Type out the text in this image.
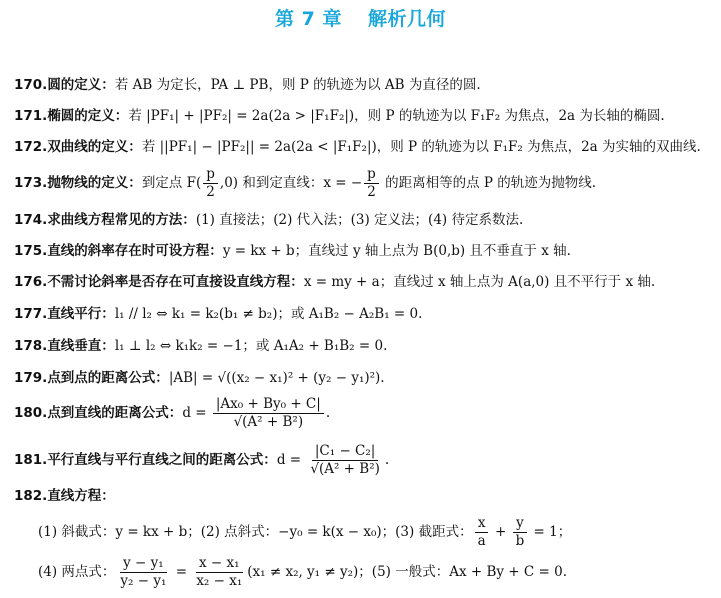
第 7 章 解析几何
170.圆的定义：若 AB 为定长，PA ⊥ PB，则 P 的轨迹为以 AB 为直径的圆.
171.椭圆的定义：若 |PF₁| + |PF₂| = 2a(2a > |F₁F₂|)，则 P 的轨迹为以 F₁F₂ 为焦点，2a 为长轴的椭圆.
172.双曲线的定义：若 ||PF₁| − |PF₂|| = 2a(2a < |F₁F₂|)，则 P 的轨迹为以 F₁F₂ 为焦点，2a 为实轴的双曲线.
173.抛物线的定义：到定点 $F( \frac{p}{2} ,0)$ 和到定直线：x = − $\frac{p}{2}$ 的距离相等的点 P 的轨迹为抛物线.
174.求曲线方程常见的方法：(1) 直接法；(2) 代入法；(3) 定义法；(4) 待定系数法.
175.直线的斜率存在时可设方程：y = kx + b；直线过 y 轴上点为 B(0,b) 且不垂直于 x 轴.
176.不需讨论斜率是否存在可直接设直线方程：x = my + a；直线过 x 轴上点为 A(a,0) 且不平行于 x 轴.
177.直线平行：l₁ // l₂ ⇔ k₁ = k₂(b₁ ≠ b₂)；或 A₁B₂ − A₂B₁ = 0.
178.直线垂直：l₁ ⊥ l₂ ⇔ k₁k₂ = −1；或 A₁A₂ + B₁B₂ = 0.
179.点到点的距离公式：|AB| = √((x₂ − x₁)² + (y₂ − y₁)²).
180.点到直线的距离公式：$d = \frac{\text{|Ax₀ + By₀ + C|}}{\text{√(A² + B²)}}$ .
181.平行直线与平行直线之间的距离公式：$d = \frac{\text{|C₁ − C₂|}}{\text{√(A² + B²)}}$ .
182.直线方程：
(1) 斜截式：y = kx + b；(2) 点斜式：−y₀ = k(x − x₀)；(3) 截距式： $\frac{x}{a} + \frac{y}{b} = 1$；
(4) 两点式： $\frac{\text{y − y₁}}{\text{y₂ − y₁}} = \frac{\text{x − x₁}}{\text{x₂ − x₁}} (x_1 \ne x_2$, y₁ ≠ y₂)；(5) 一般式：Ax + By + C = 0.
